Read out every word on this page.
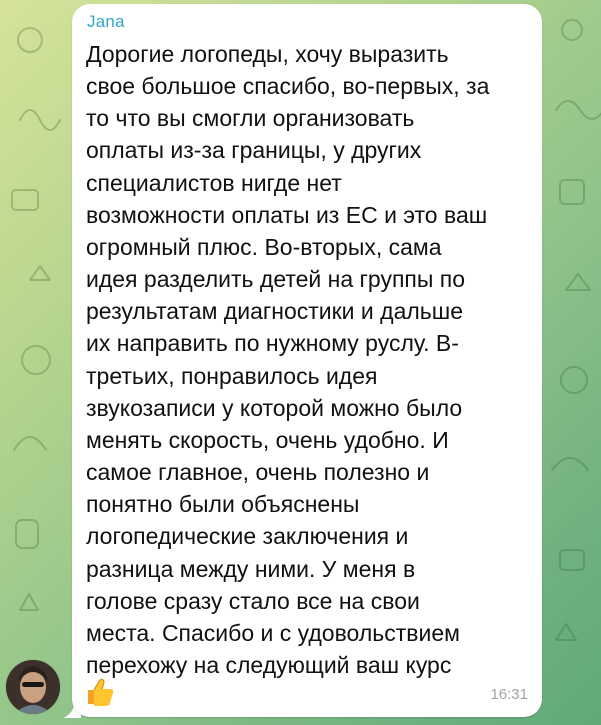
Jana
Дорогие логопеды, хочу выразить
свое большое спасибо, во-первых, за
то что вы смогли организовать
оплаты из-за границы, у других
специалистов нигде нет
возможности оплаты из ЕС и это ваш
огромный плюс. Во-вторых, сама
идея разделить детей на группы по
результатам диагностики и дальше
их направить по нужному руслу. В-
третьих, понравилось идея
звукозаписи у которой можно было
менять скорость, очень удобно. И
самое главное, очень полезно и
понятно были объяснены
логопедические заключения и
разница между ними. У меня в
голове сразу стало все на свои
места. Спасибо и с удовольствием
перехожу на следующий ваш курс
16:31
